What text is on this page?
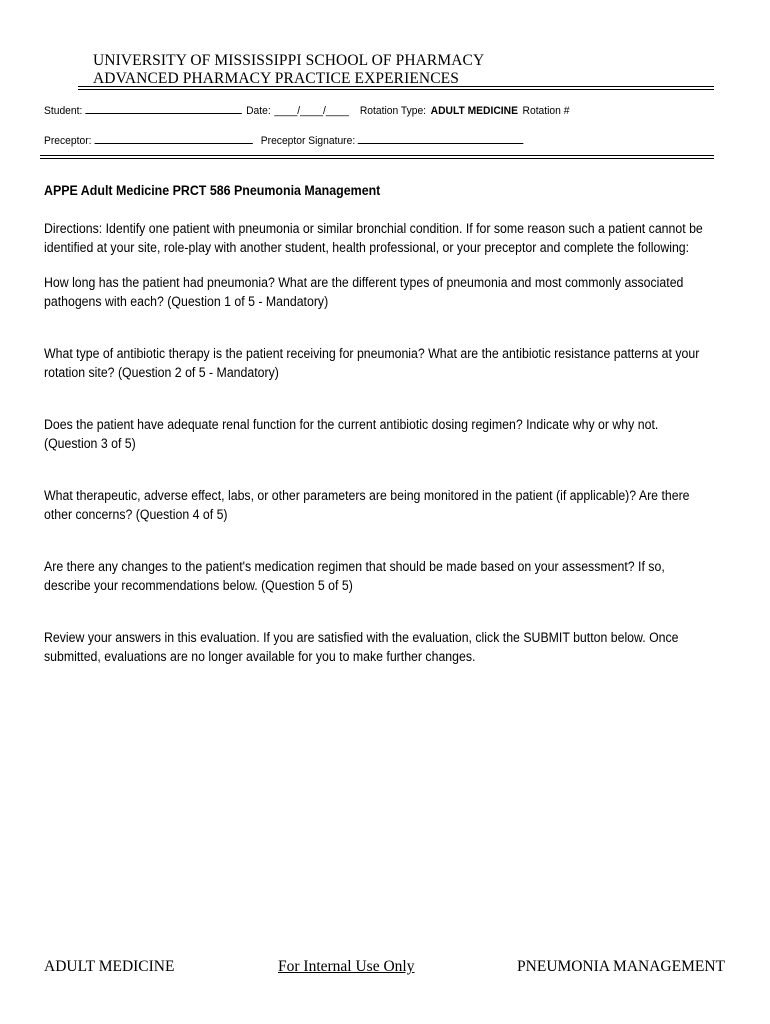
UNIVERSITY OF MISSISSIPPI SCHOOL OF PHARMACY
ADVANCED PHARMACY PRACTICE EXPERIENCES
Student:	Date: ____/____/____ Rotation Type: ADULT MEDICINE Rotation #
Preceptor:	Preceptor Signature:
APPE Adult Medicine PRCT 586 Pneumonia Management
Directions: Identify one patient with pneumonia or similar bronchial condition. If for some reason such a patient cannot be identified at your site, role-play with another student, health professional, or your preceptor and complete the following:
How long has the patient had pneumonia? What are the different types of pneumonia and most commonly associated pathogens with each? (Question 1 of 5 - Mandatory)
What type of antibiotic therapy is the patient receiving for pneumonia? What are the antibiotic resistance patterns at your rotation site? (Question 2 of 5 - Mandatory)
Does the patient have adequate renal function for the current antibiotic dosing regimen? Indicate why or why not. (Question 3 of 5)
What therapeutic, adverse effect, labs, or other parameters are being monitored in the patient (if applicable)? Are there other concerns? (Question 4 of 5)
Are there any changes to the patient's medication regimen that should be made based on your assessment? If so, describe your recommendations below. (Question 5 of 5)
Review your answers in this evaluation. If you are satisfied with the evaluation, click the SUBMIT button below. Once submitted, evaluations are no longer available for you to make further changes.
ADULT MEDICINE	For Internal Use Only	PNEUMONIA MANAGEMENT
